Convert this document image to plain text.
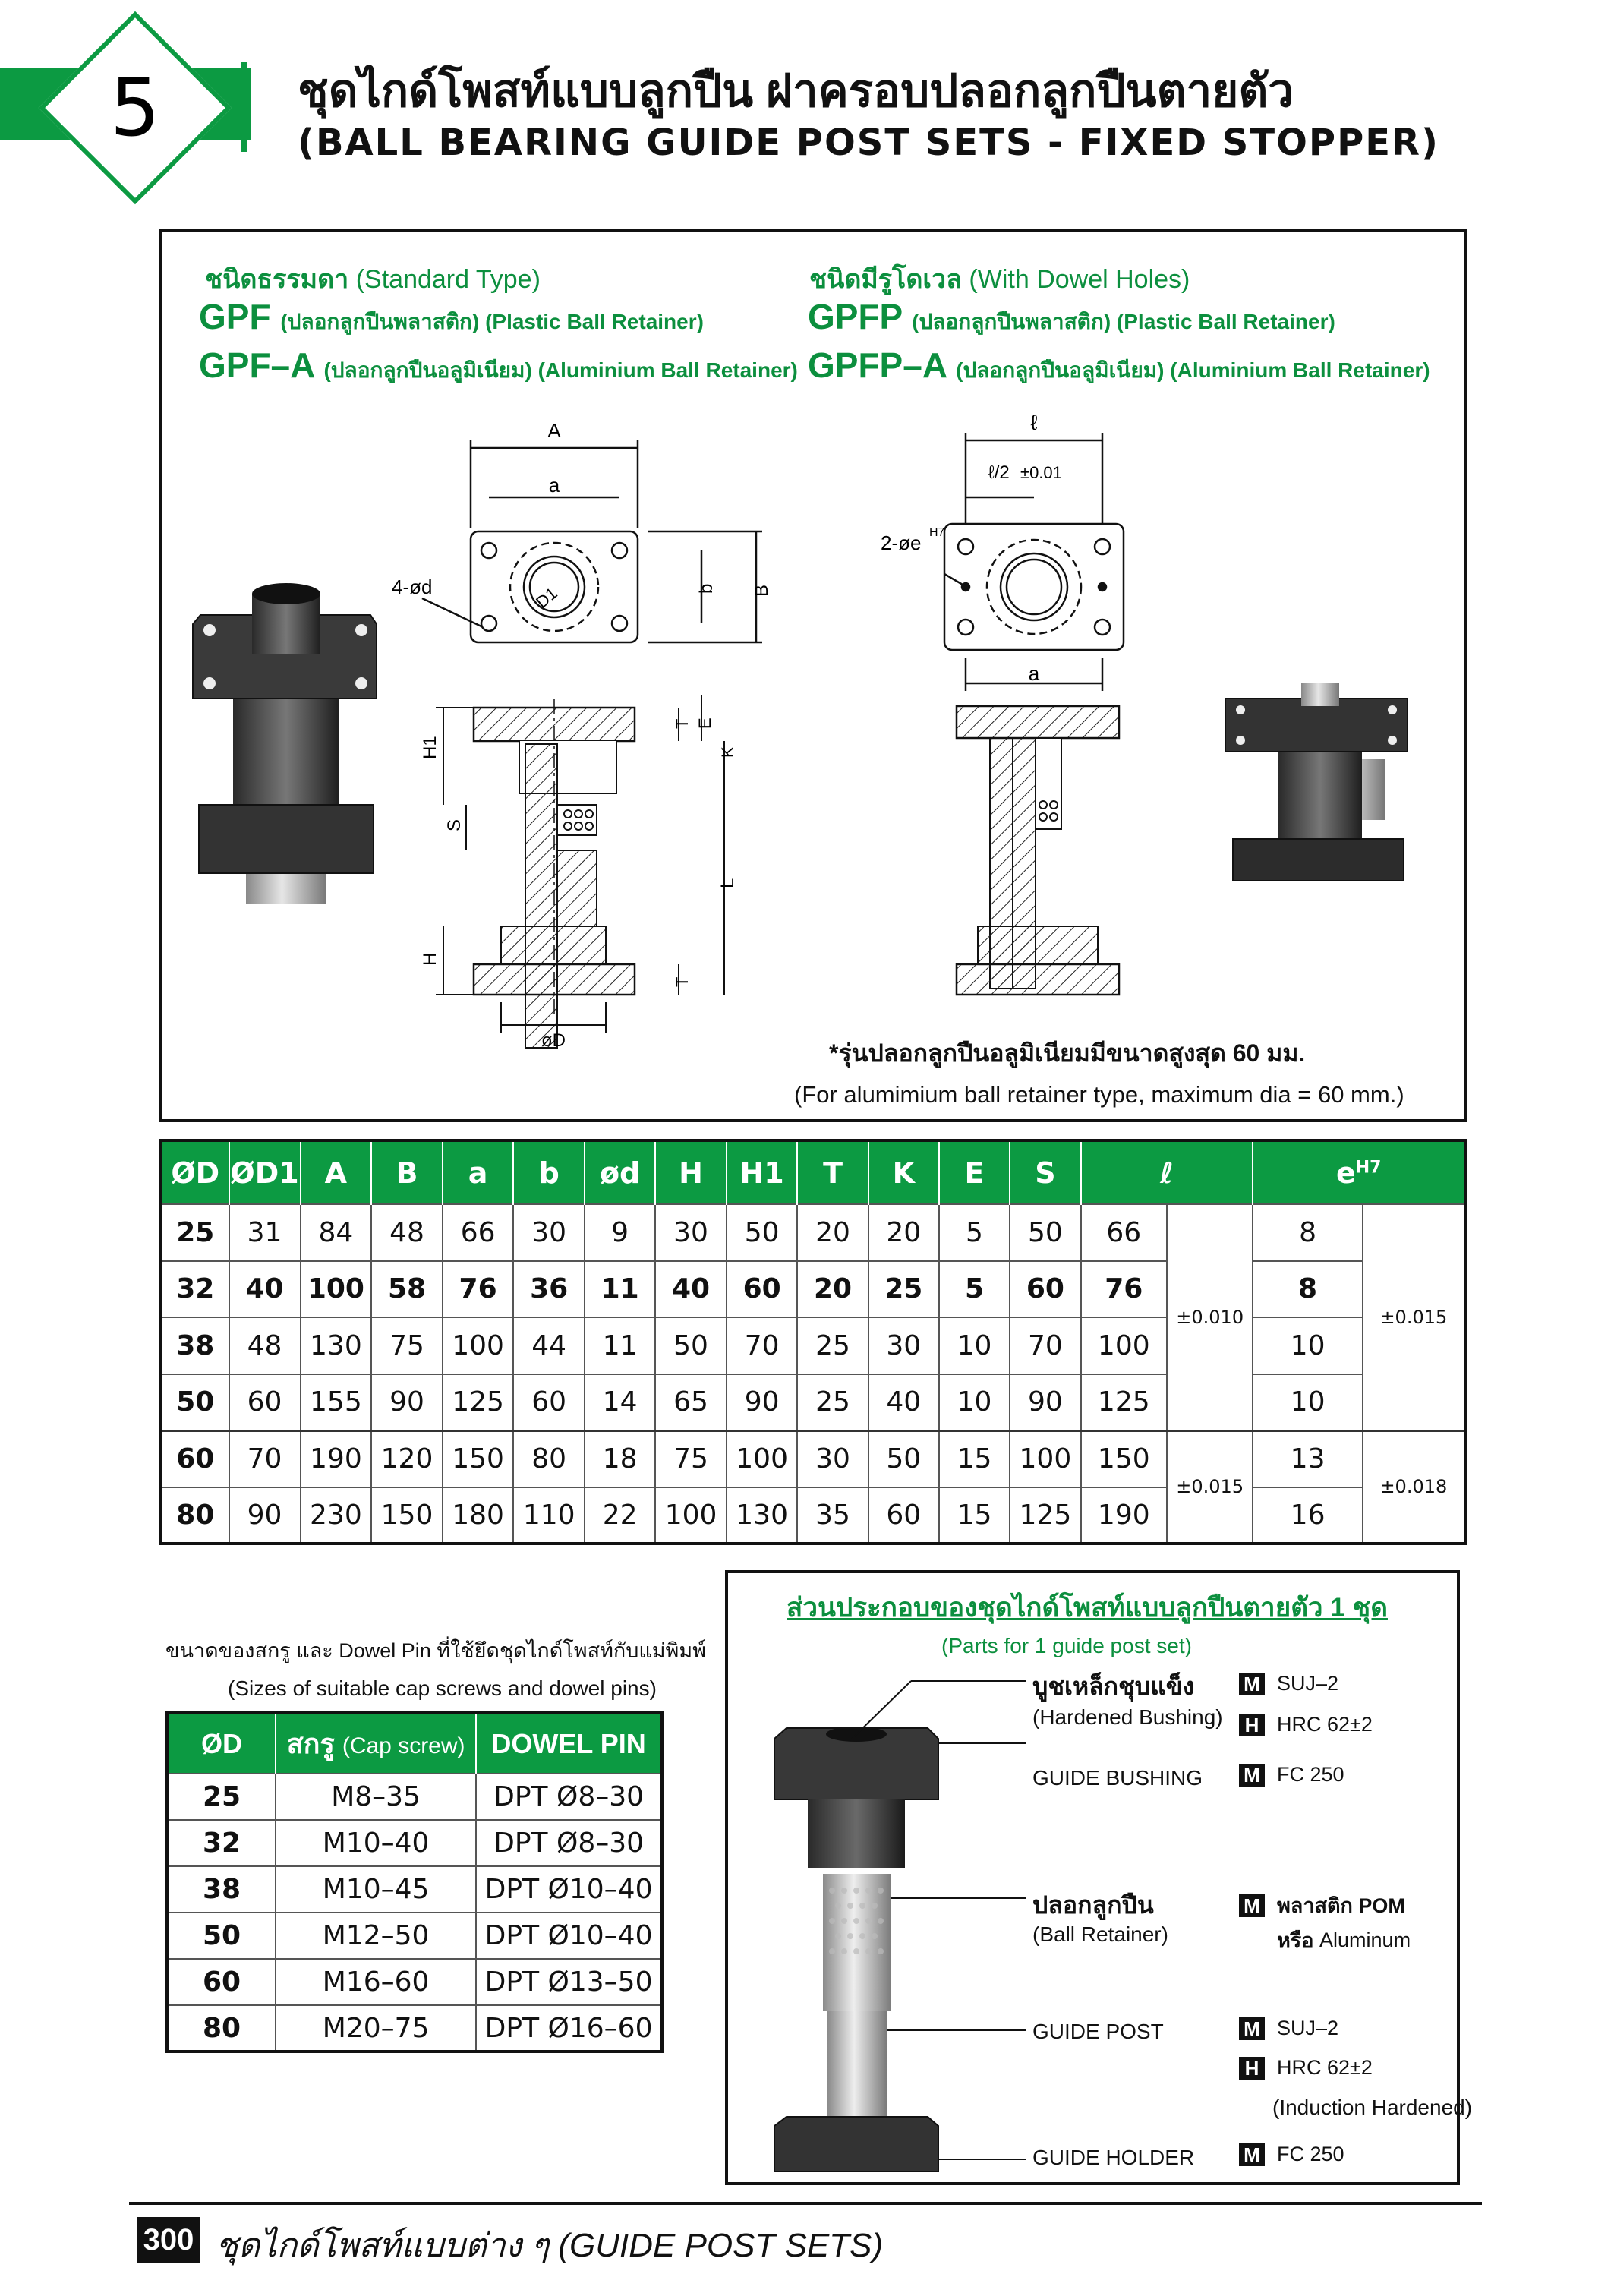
5	ชุดไกด์โพสท์แบบลูกปืน ฝาครอบปลอกลูกปืนตายตัว
(BALL BEARING GUIDE POST SETS - FIXED STOPPER)
ชนิดธรรมดา (Standard Type)
GPF (ปลอกลูกปืนพลาสติก) (Plastic Ball Retainer)
GPF–A (ปลอกลูกปืนอลูมิเนียม) (Aluminium Ball Retainer)
ชนิดมีรูโดเวล (With Dowel Holes)
GPFP (ปลอกลูกปืนพลาสติก) (Plastic Ball Retainer)
GPFP–A (ปลอกลูกปืนอลูมิเนียม) (Aluminium Ball Retainer)
A
a
b B
4-ød	D1
H1
S
H
T E
K
L
T
øD
ℓ
ℓ/2 ±0.01
2-øe H7
a
*รุ่นปลอกลูกปืนอลูมิเนียมมีขนาดสูงสุด 60 มม.
(For alumimium ball retainer type, maximum dia = 60 mm.)
ØD	ØD1	A	B	a	b	ød	H	H1	T	K	E	S	ℓ		$e^{H7}$
25	31	84	48	66	30	9	30	50	20	20	5	50	66	±0.010	8	±0.015
32	40	100	58	76	36	11	40	60	20	25	5	60	76		8	
38	48	130	75	100	44	11	50	70	25	30	10	70	100		10	
50	60	155	90	125	60	14	65	90	25	40	10	90	125		10	
60	70	190	120	150	80	18	75	100	30	50	15	100	150	±0.015	13	±0.018
80	90	230	150	180	110	22	100	130	35	60	15	125	190		16	
ขนาดของสกรู และ Dowel Pin ที่ใช้ยึดชุดไกด์โพสท์กับแม่พิมพ์
(Sizes of suitable cap screws and dowel pins)
ØD	สกรู (Cap screw)	DOWEL PIN
25	M8–35	DPT Ø8–30
32	M10–40	DPT Ø8–30
38	M10–45	DPT Ø10–40
50	M12–50	DPT Ø10–40
60	M16–60	DPT Ø13–50
80	M20–75	DPT Ø16–60
ส่วนประกอบของชุดไกด์โพสท์แบบลูกปืนตายตัว 1 ชุด
(Parts for 1 guide post set)
บูชเหล็กชุบแข็ง
(Hardened Bushing)
M SUJ–2
H HRC 62±2
GUIDE BUSHING M FC 250
ปลอกลูกปืน
(Ball Retainer)
M พลาสติก POM
หรือ
Aluminum
GUIDE POST	M SUJ–2
H HRC 62±2
(Induction Hardened)
GUIDE HOLDER	M FC 250
300 ชุดไกด์โพสท์แบบต่าง ๆ (GUIDE POST SETS)
